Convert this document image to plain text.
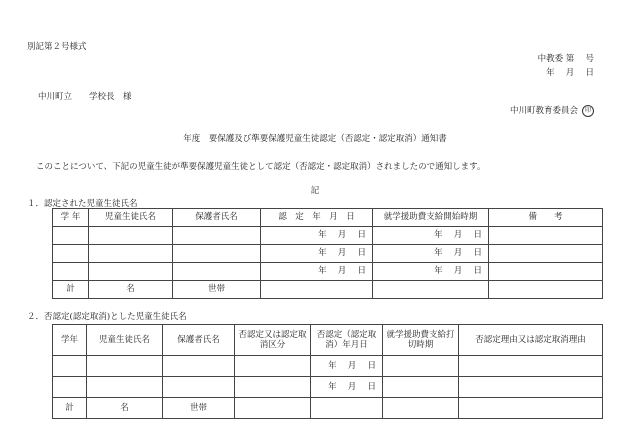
別記第２号様式
中教委 第　 号
年　 月　 日
中川町立　　学校長　様
中川町教育委員会 印
年度　要保護及び準要保護児童生徒認定（否認定・認定取消）通知書
このことについて、下記の児童生徒が準要保護児童生徒として認定（否認定・認定取消）されましたので通知します。
記
１．認定された児童生徒氏名
学 年	児童生徒氏名	保護者氏名	認　定　年　月　日	就学援助費支給開始時期	備　　考
			年　 月　 日	年　 月　 日	
			年　 月　 日	年　 月　 日	
			年　 月　 日	年　 月　 日	
計	名	世帯			
２．否認定(認定取消)とした児童生徒氏名
学年	児童生徒氏名	保護者氏名	否認定又は認定取消区分	否認定（認定取消）年月日	就学援助費支給打切時期	否認定理由又は認定取消理由
				年　 月　 日		
				年　 月　 日		
計	名	世帯				
